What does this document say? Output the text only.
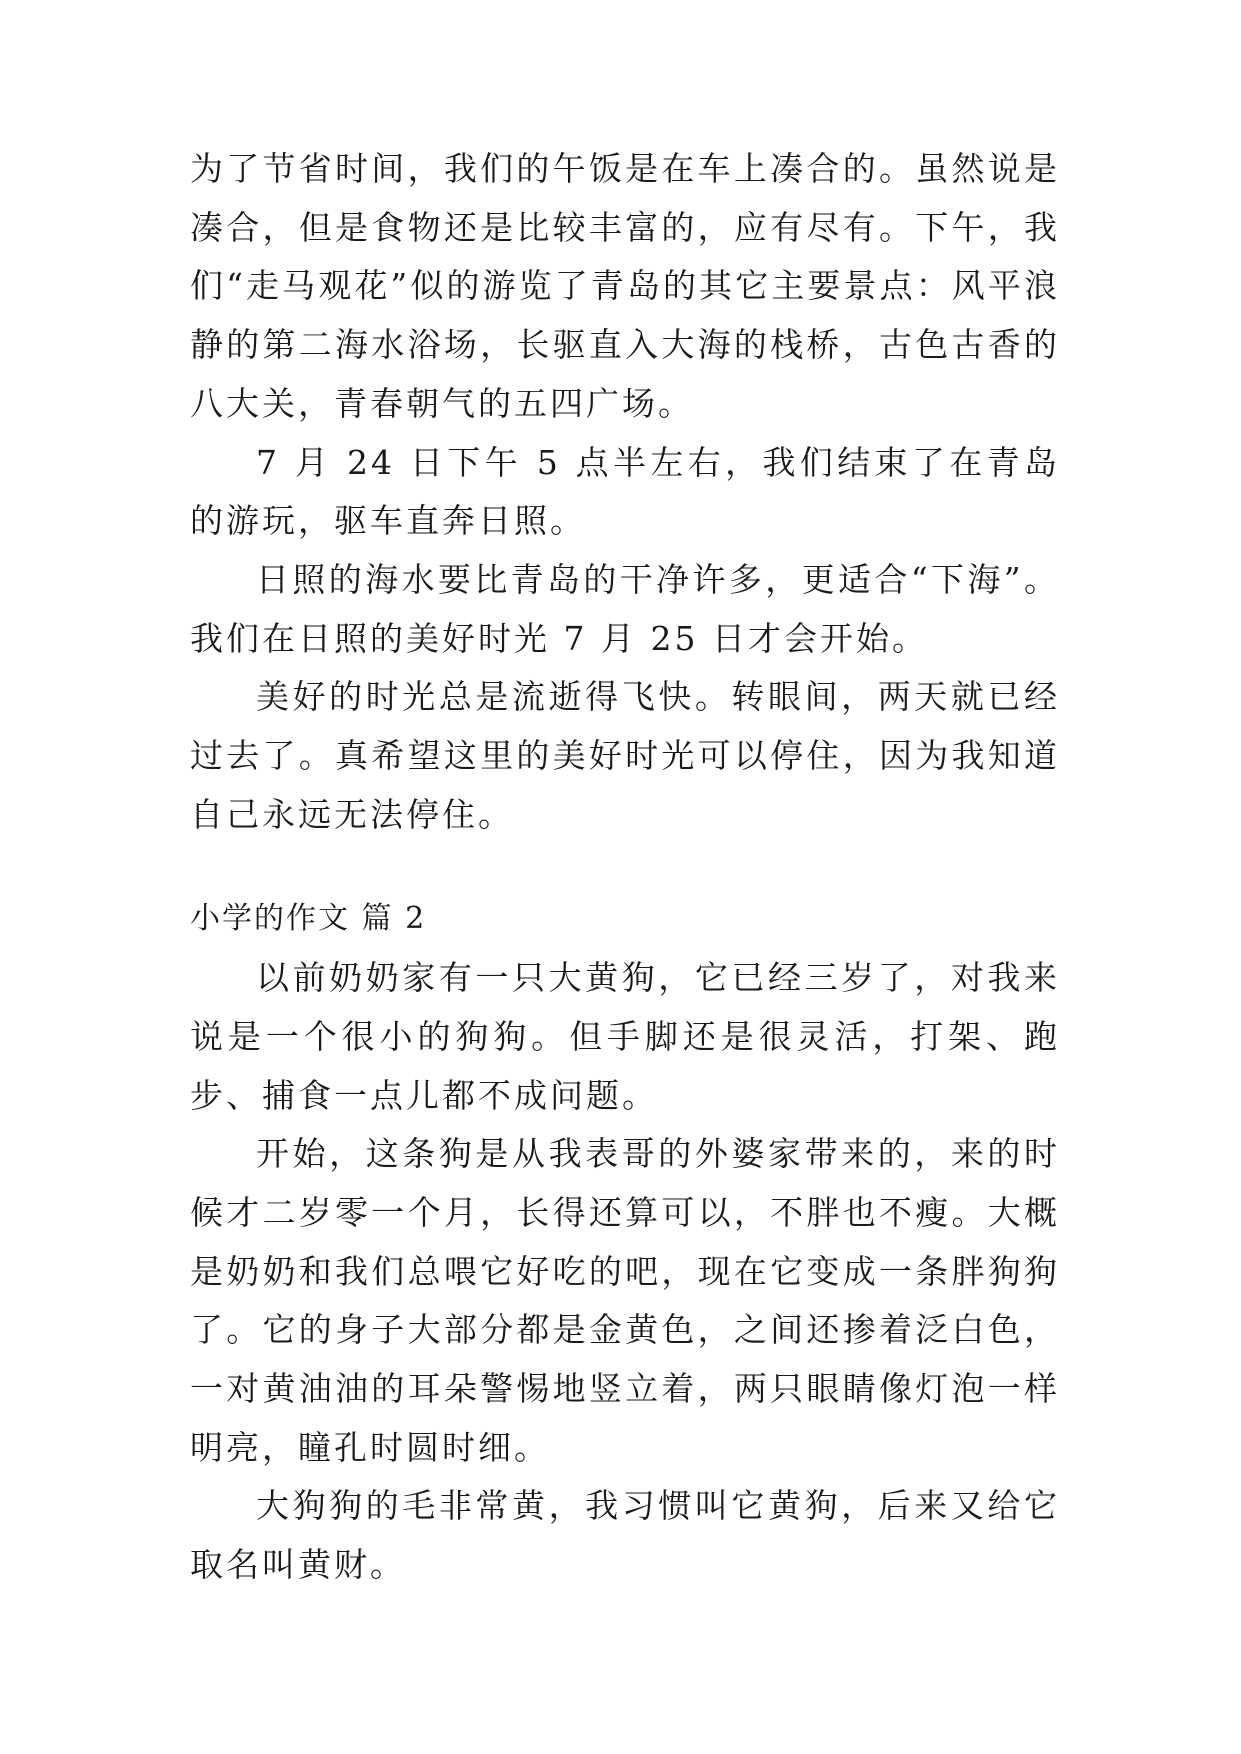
为了节省时间，我们的午饭是在车上凑合的。虽然说是凑合，但是食物还是比较丰富的，应有尽有。下午，我们“走马观花”似的游览了青岛的其它主要景点：风平浪静的第二海水浴场，长驱直入大海的栈桥，古色古香的八大关，青春朝气的五四广场。

7 月 24 日下午 5 点半左右，我们结束了在青岛的游玩，驱车直奔日照。

日照的海水要比青岛的干净许多，更适合“下海”。我们在日照的美好时光 7 月 25 日才会开始。

美好的时光总是流逝得飞快。转眼间，两天就已经过去了。真希望这里的美好时光可以停住，因为我知道自己永远无法停住。

小学的作文 篇 2

以前奶奶家有一只大黄狗，它已经三岁了，对我来说是一个很小的狗狗。但手脚还是很灵活，打架、跑步、捕食一点儿都不成问题。

开始，这条狗是从我表哥的外婆家带来的，来的时候才二岁零一个月，长得还算可以，不胖也不瘦。大概是奶奶和我们总喂它好吃的吧，现在它变成一条胖狗狗了。它的身子大部分都是金黄色，之间还掺着泛白色，一对黄油油的耳朵警惕地竖立着，两只眼睛像灯泡一样明亮，瞳孔时圆时细。

大狗狗的毛非常黄，我习惯叫它黄狗，后来又给它取名叫黄财。
